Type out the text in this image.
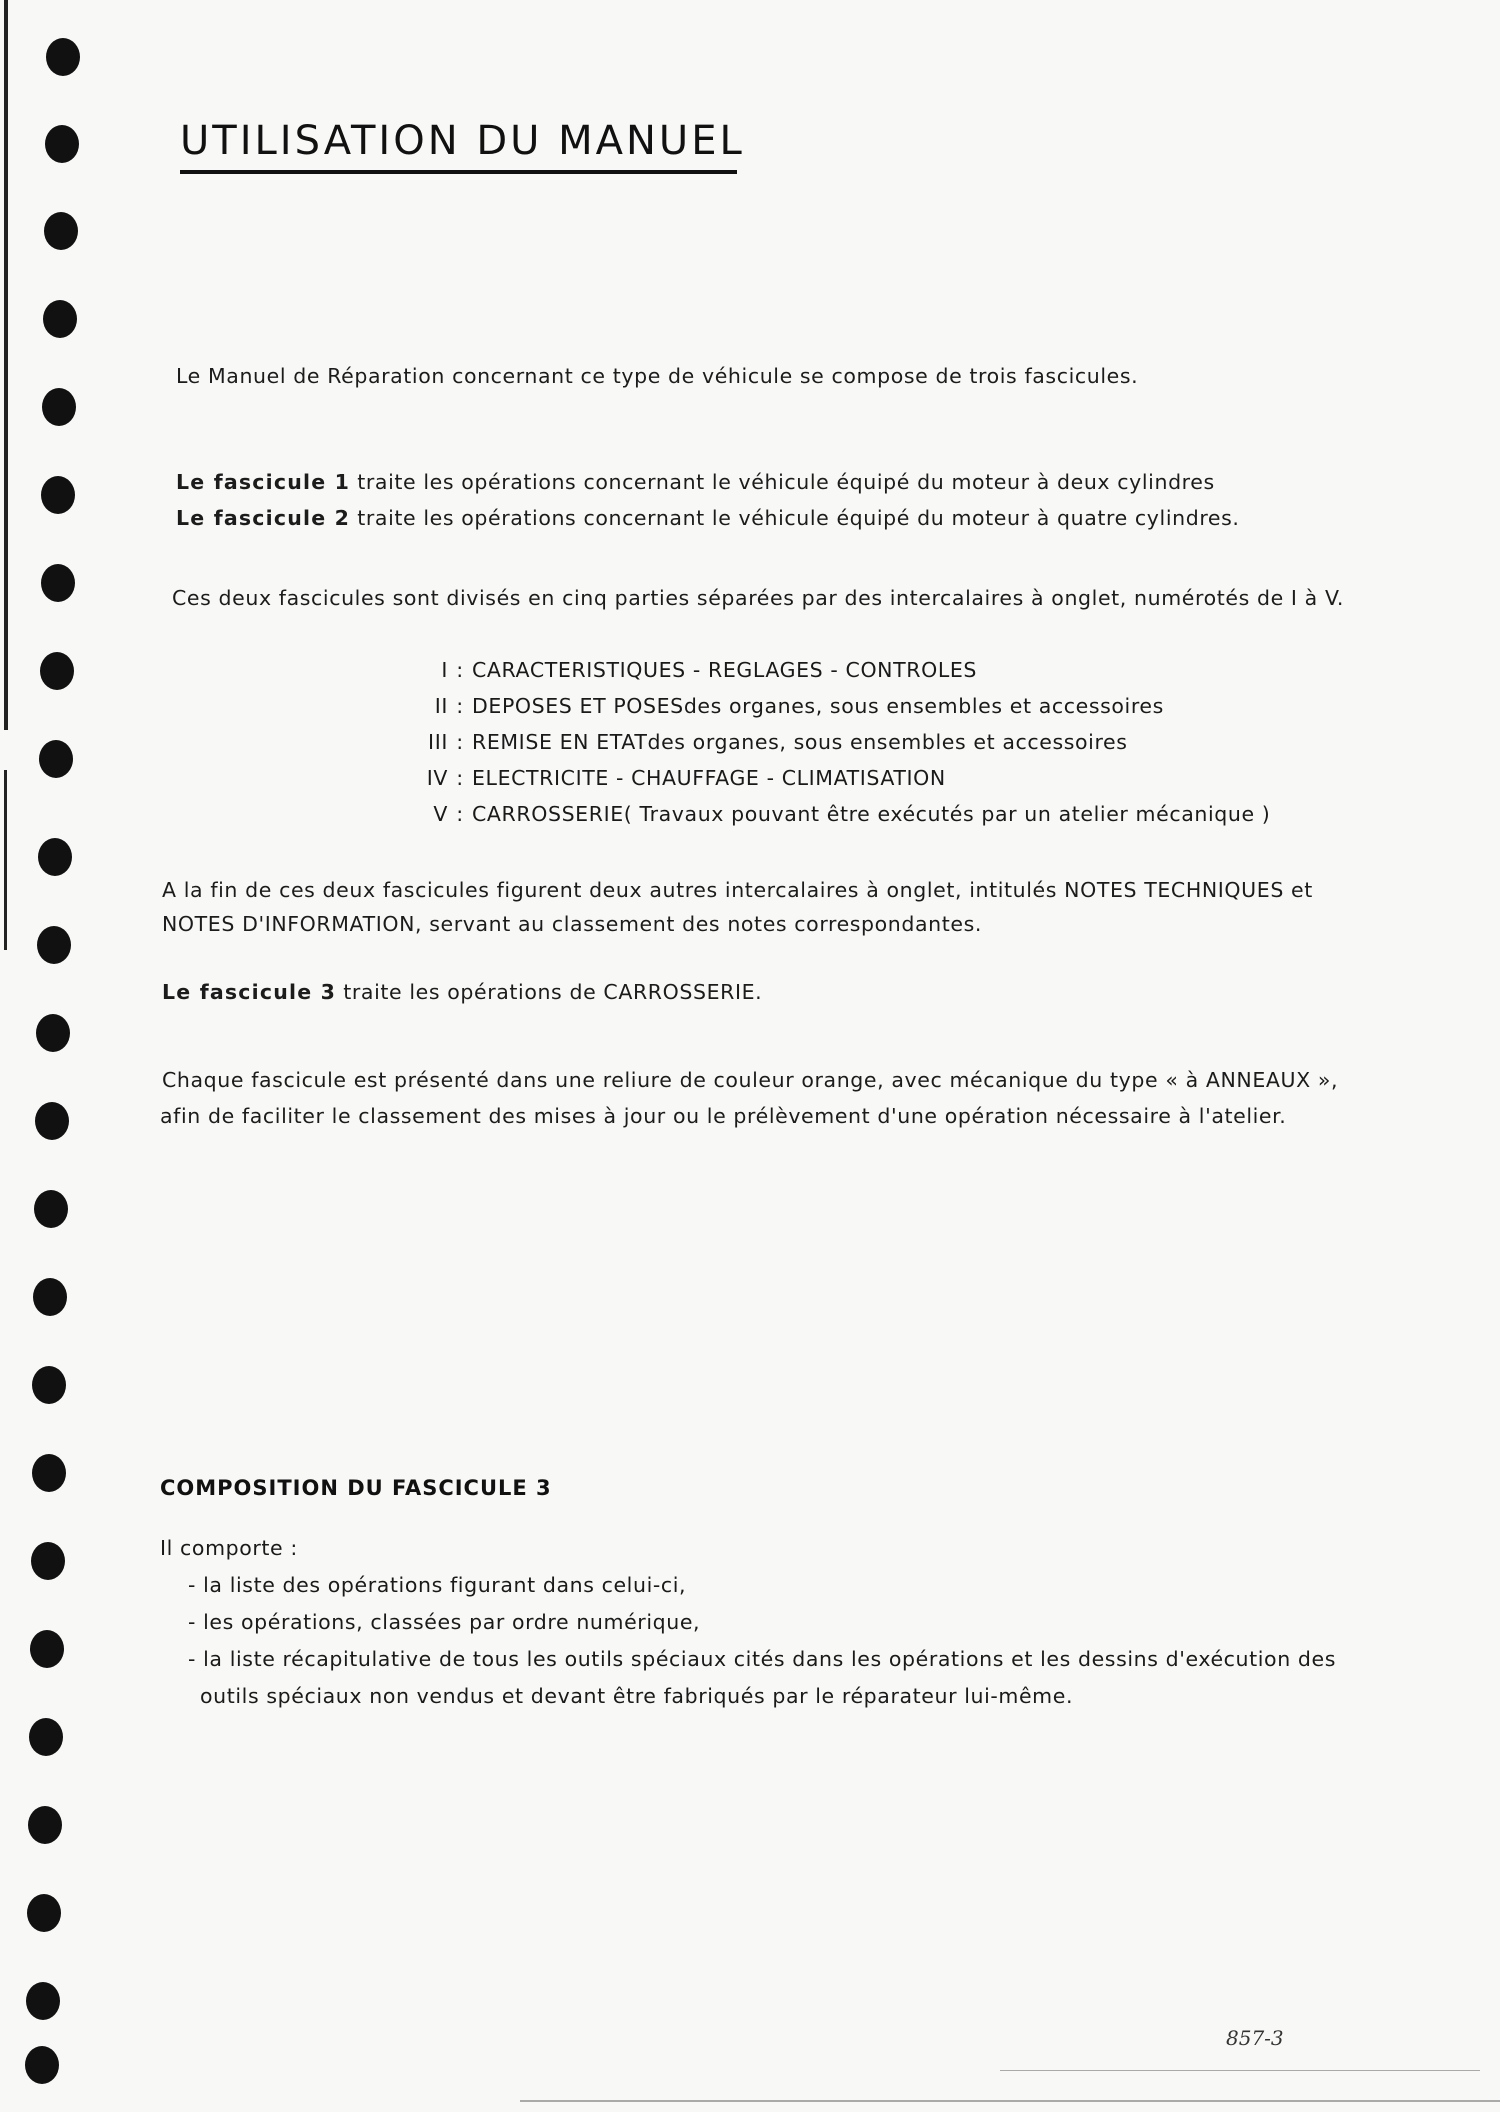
UTILISATION DU MANUEL

Le Manuel de Réparation concernant ce type de véhicule se compose de trois fascicules.

Le fascicule 1 traite les opérations concernant le véhicule équipé du moteur à deux cylindres

Le fascicule 2 traite les opérations concernant le véhicule équipé du moteur à quatre cylindres.

Ces deux fascicules sont divisés en cinq parties séparées par des intercalaires à onglet, numérotés de I à V.

I : CARACTERISTIQUES - REGLAGES - CONTROLES
II : DEPOSES ET POSES des organes, sous ensembles et accessoires
III : REMISE EN ETAT des organes, sous ensembles et accessoires
IV : ELECTRICITE - CHAUFFAGE - CLIMATISATION
V : CARROSSERIE ( Travaux pouvant être exécutés par un atelier mécanique )

A la fin de ces deux fascicules figurent deux autres intercalaires à onglet, intitulés NOTES TECHNIQUES et

NOTES D'INFORMATION, servant au classement des notes correspondantes.

Le fascicule 3 traite les opérations de CARROSSERIE.

Chaque fascicule est présenté dans une reliure de couleur orange, avec mécanique du type « à ANNEAUX »,

afin de faciliter le classement des mises à jour ou le prélèvement d'une opération nécessaire à l'atelier.

COMPOSITION DU FASCICULE 3
Il comporte :
- la liste des opérations figurant dans celui-ci,
- les opérations, classées par ordre numérique,
- la liste récapitulative de tous les outils spéciaux cités dans les opérations et les dessins d'exécution des
outils spéciaux non vendus et devant être fabriqués par le réparateur lui-même.
857-3
